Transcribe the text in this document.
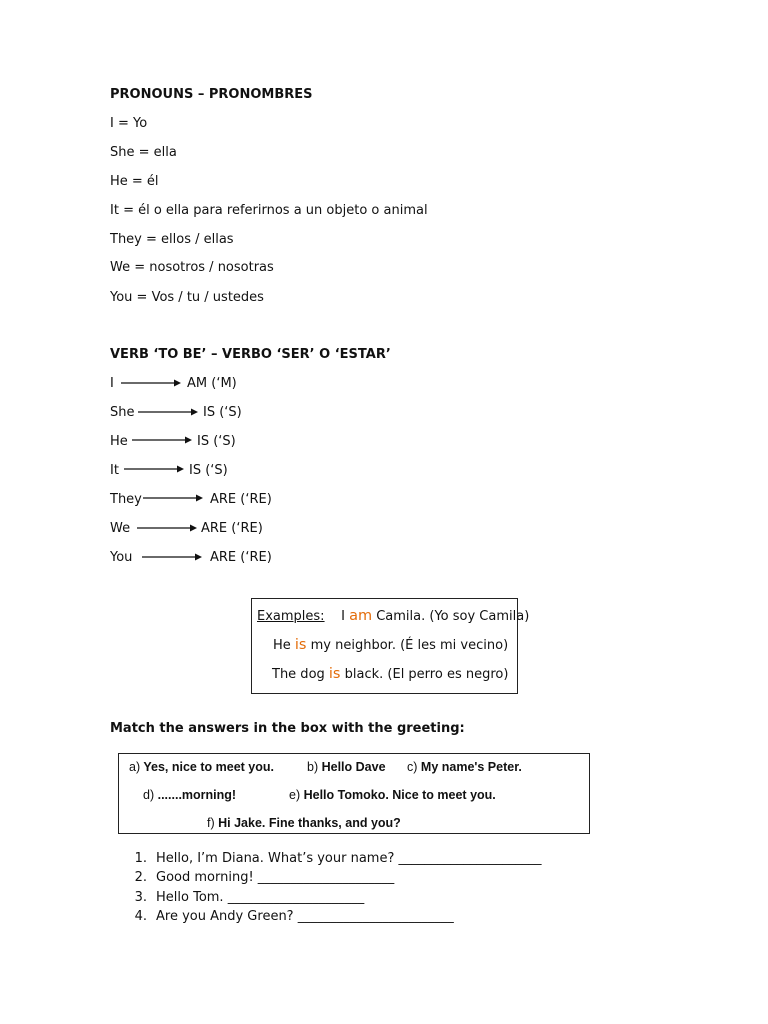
PRONOUNS – PRONOMBRES
I = Yo
She = ella
He = él
It = él o ella para referirnos a un objeto o animal
They = ellos / ellas
We = nosotros / nosotras
You = Vos / tu / ustedes
VERB ‘TO BE’ – VERBO ‘SER’ O ‘ESTAR’
I	AM (‘M)
She	IS (‘S)
He	IS (‘S)
It	IS (‘S)
They	ARE (‘RE)
We	ARE (‘RE)
You	ARE (‘RE)
Examples: I am Camila. (Yo soy Camila)
He is my neighbor. (É les mi vecino)
The dog is black. (El perro es negro)
Match the answers in the box with the greeting:
a) Yes, nice to meet you.	b) Hello Dave c) My name's Peter.
d) .......morning!	e) Hello Tomoko. Nice to meet you.
f) Hi Jake. Fine thanks, and you?
1. Hello, I’m Diana. What’s your name? ______________________
2. Good morning! _____________________
3. Hello Tom. _____________________
4. Are you Andy Green? ________________________
